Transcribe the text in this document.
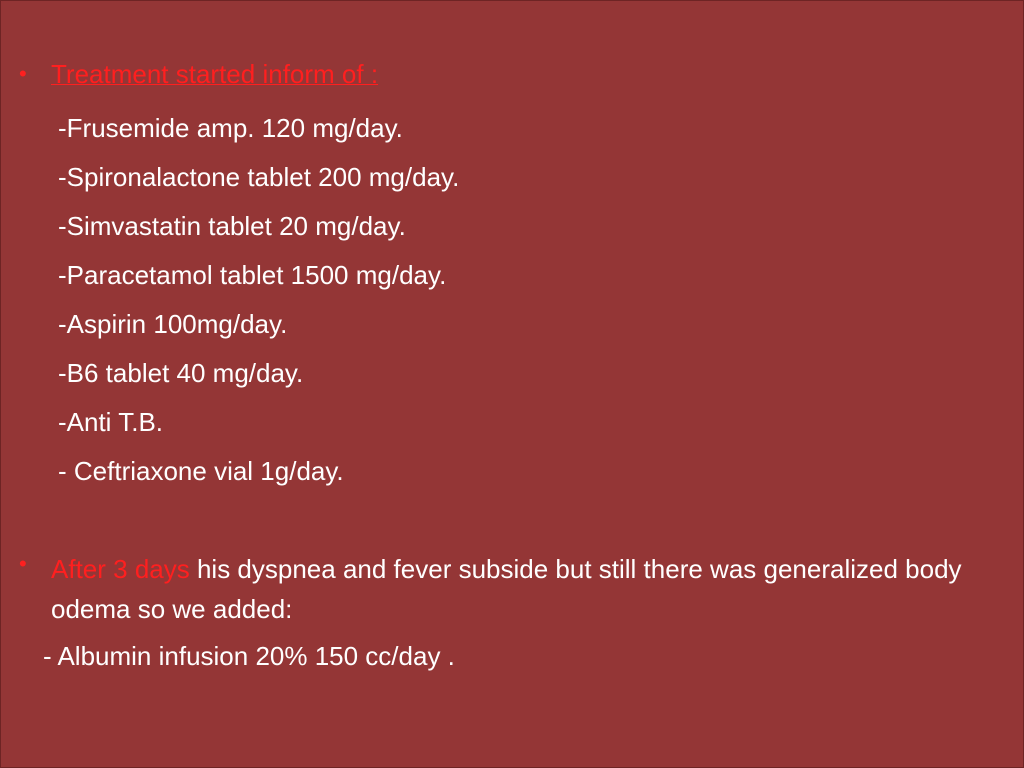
• Treatment started inform of :
-Frusemide amp. 120 mg/day.
-Spironalactone tablet 200 mg/day.
-Simvastatin tablet 20 mg/day.
-Paracetamol tablet 1500 mg/day.
-Aspirin 100mg/day.
-B6 tablet 40 mg/day.
-Anti T.B.
- Ceftriaxone vial 1g/day.
• After 3 days his dyspnea and fever subside but still there was generalized body odema so we added:
- Albumin infusion 20% 150 cc/day .
